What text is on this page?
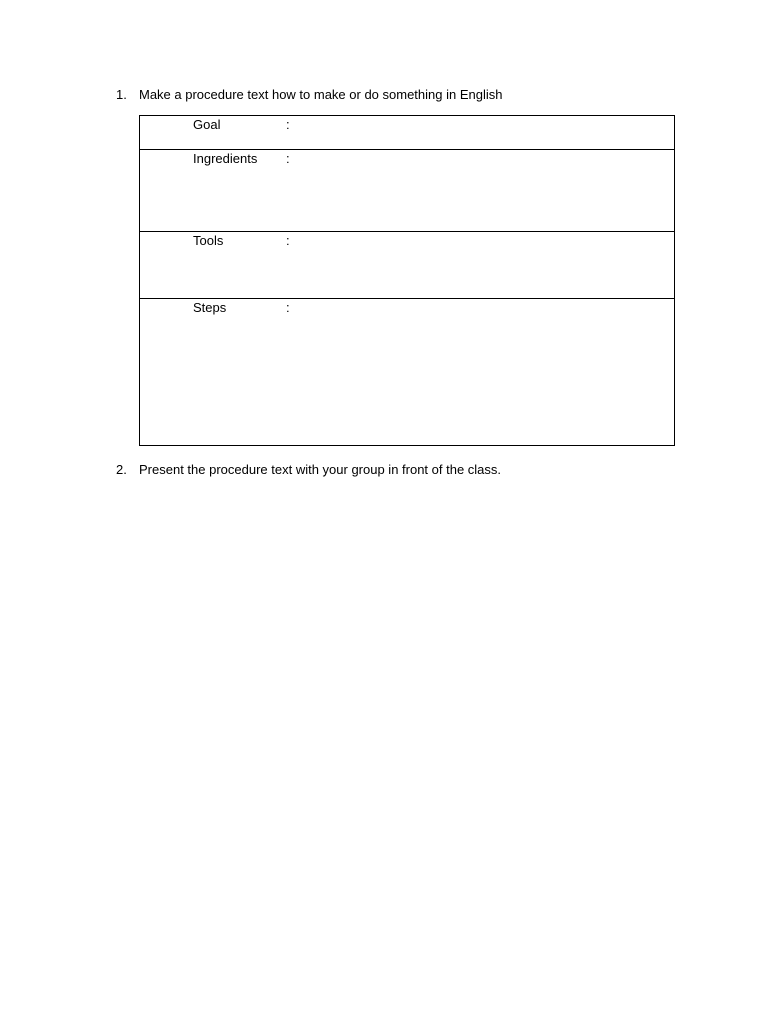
1. Make a procedure text how to make or do something in English
Goal	:
Ingredients :
Tools	:
Steps	:
2. Present the procedure text with your group in front of the class.
